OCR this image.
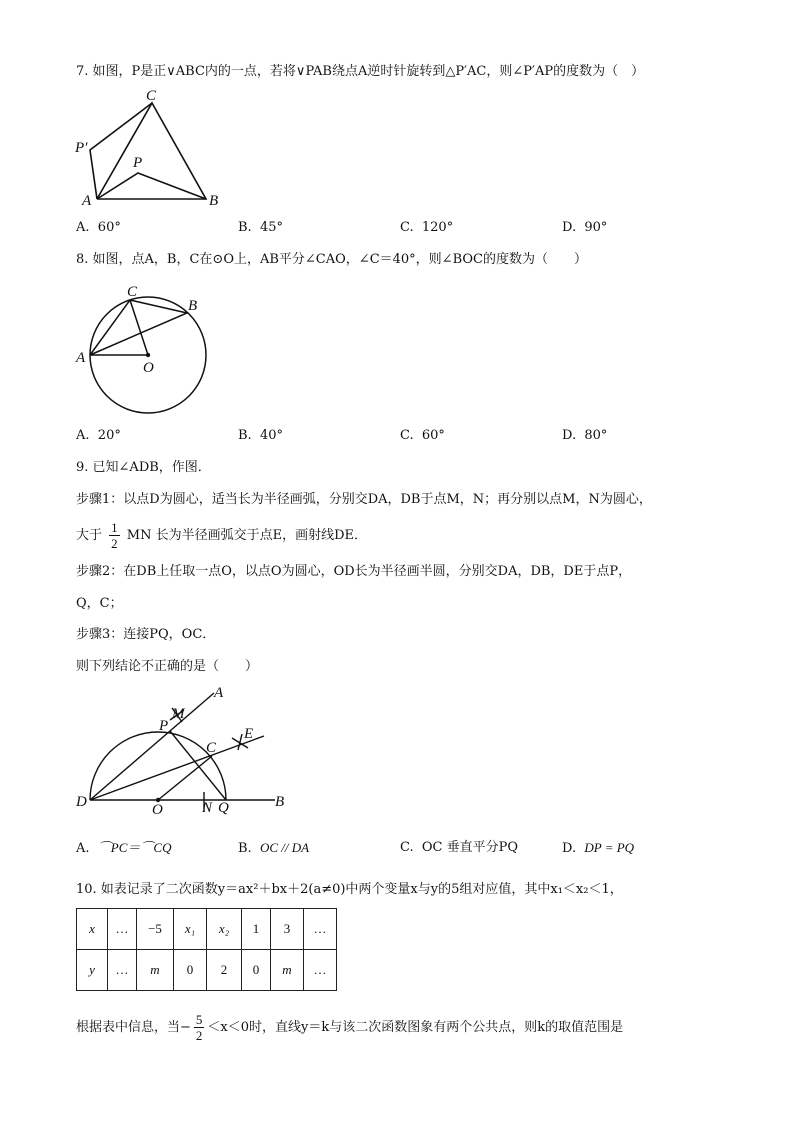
7. 如图，P是正∨ABC内的一点，若将∨PAB绕点A逆时针旋转到△P′AC，则∠P′AP的度数为（　）
C
P′
P
A	B
A. 60°	B. 45°	C. 120°	D. 90°
8. 如图，点A，B，C在⊙O上，AB平分∠CAO，∠C＝40°，则∠BOC的度数为（　　）
C
B
A
O
A. 20°	B. 40°	C. 60°	D. 80°
9. 已知∠ADB，作图．
步骤1：以点D为圆心，适当长为半径画弧，分别交DA，DB于点M，N；再分别以点M，N为圆心，
大于 $\frac{1}{2}$ MN 长为半径画弧交于点E，画射线DE．
步骤2：在DB上任取一点O，以点O为圆心，OD长为半径画半圆，分别交DA，DB，DE于点P，
Q，C；
步骤3：连接PQ，OC．
则下列结论不正确的是（　　）
A
M
P	E
C
D	O	N Q	B
A. ⌒PC＝⌒CQ	B. OC // DA	C. OC 垂直平分PQ	D. DP = PQ
10. 如表记录了二次函数y＝ax²＋bx＋2(a≠0)中两个变量x与y的5组对应值，其中x₁＜x₂＜1，
x	…	−5	x₁	x₂	1	3	…
y	…	m	0	2	0	m	…
根据表中信息，当− $\frac{5}{2} <x<0$时，直线y＝k与该二次函数图象有两个公共点，则k的取值范围是
